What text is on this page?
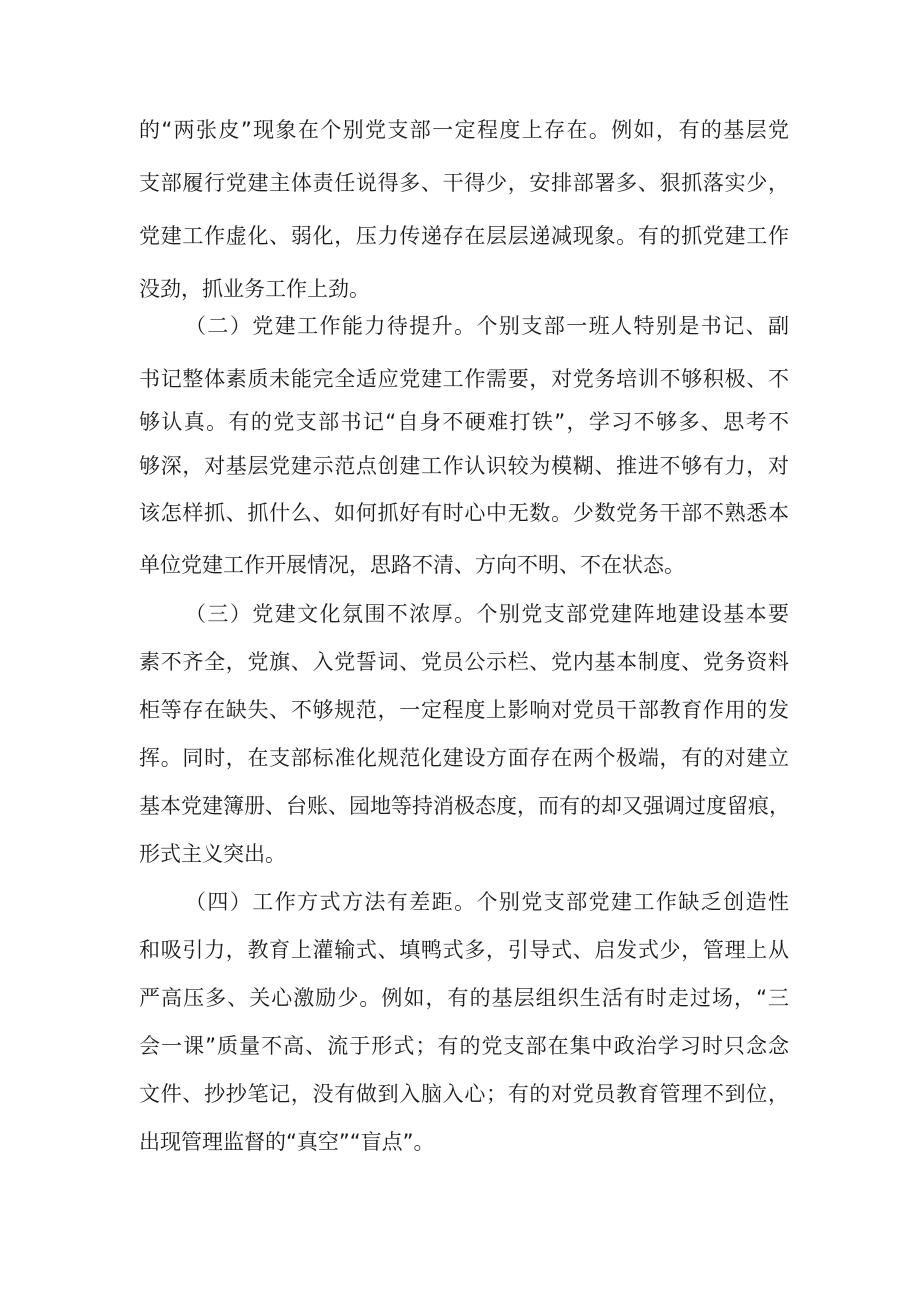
的“两张皮”现象在个别党支部一定程度上存在。例如，有的基层党
支部履行党建主体责任说得多、干得少，安排部署多、狠抓落实少，
党建工作虚化、弱化，压力传递存在层层递减现象。有的抓党建工作
没劲，抓业务工作上劲。
（二）党建工作能力待提升。个别支部一班人特别是书记、副
书记整体素质未能完全适应党建工作需要，对党务培训不够积极、不
够认真。有的党支部书记“自身不硬难打铁”，学习不够多、思考不
够深，对基层党建示范点创建工作认识较为模糊、推进不够有力，对
该怎样抓、抓什么、如何抓好有时心中无数。少数党务干部不熟悉本
单位党建工作开展情况，思路不清、方向不明、不在状态。
（三）党建文化氛围不浓厚。个别党支部党建阵地建设基本要
素不齐全，党旗、入党誓词、党员公示栏、党内基本制度、党务资料
柜等存在缺失、不够规范，一定程度上影响对党员干部教育作用的发
挥。同时，在支部标准化规范化建设方面存在两个极端，有的对建立
基本党建簿册、台账、园地等持消极态度，而有的却又强调过度留痕，
形式主义突出。
（四）工作方式方法有差距。个别党支部党建工作缺乏创造性
和吸引力，教育上灌输式、填鸭式多，引导式、启发式少，管理上从
严高压多、关心激励少。例如，有的基层组织生活有时走过场，“三
会一课”质量不高、流于形式；有的党支部在集中政治学习时只念念
文件、抄抄笔记，没有做到入脑入心；有的对党员教育管理不到位，
出现管理监督的“真空”“盲点”。
